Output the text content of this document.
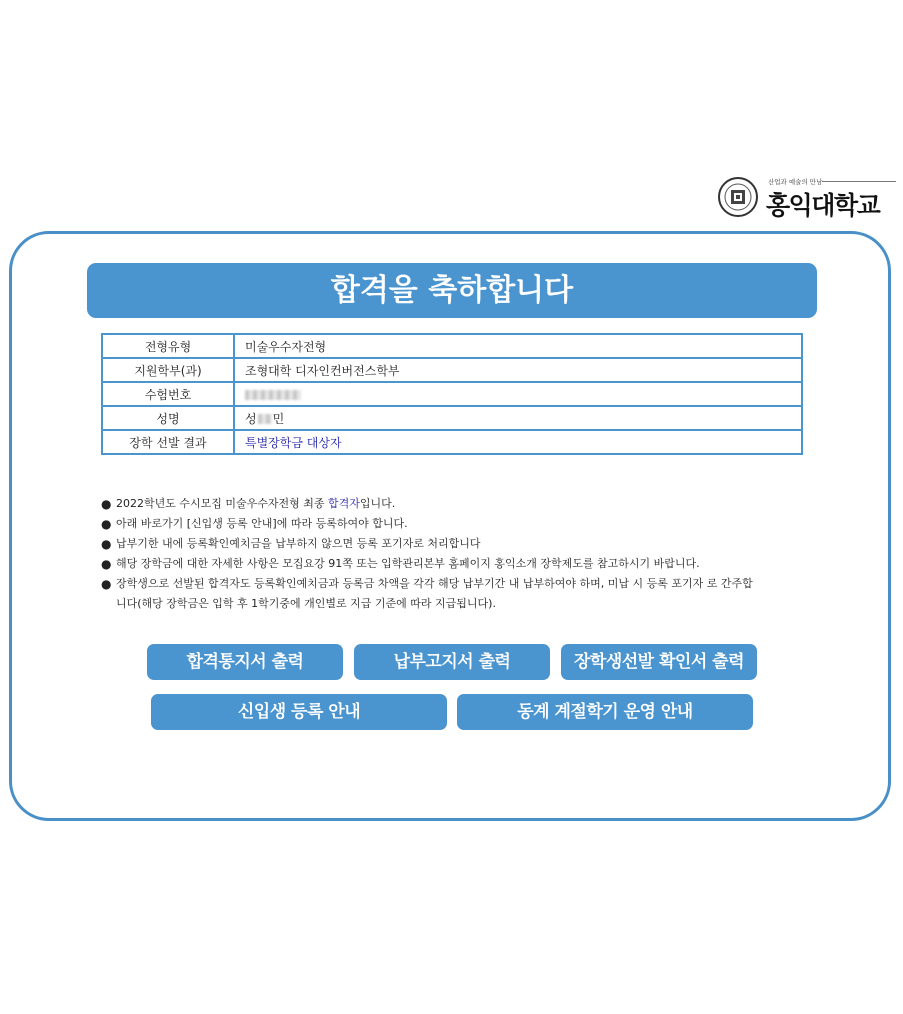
산업과 예술의 만남
홍익대학교
합격을 축하합니다
전형유형	미술우수자전형
지원학부(과)	조형대학 디자인컨버전스학부
수험번호	
성명	성 민
장학 선발 결과	특별장학금 대상자
● 2022학년도 수시모집 미술우수자전형 최종 합격자입니다.
● 아래 바로가기 [신입생 등록 안내]에 따라 등록하여야 합니다.
● 납부기한 내에 등록확인예치금을 납부하지 않으면 등록 포기자로 처리합니다
● 해당 장학금에 대한 자세한 사항은 모집요강 91쪽 또는 입학관리본부 홈페이지 홍익소개 장학제도를 참고하시기 바랍니다.
● 장학생으로 선발된 합격자도 등록확인예치금과 등록금 차액을 각각 해당 납부기간 내 납부하여야 하며, 미납 시 등록 포기자 로 간주합니다(해당 장학금은 입학 후 1학기중에 개인별로 지급 기준에 따라 지급됩니다).
합격통지서 출력	납부고지서 출력	장학생선발 확인서 출력
신입생 등록 안내	동계 계절학기 운영 안내
